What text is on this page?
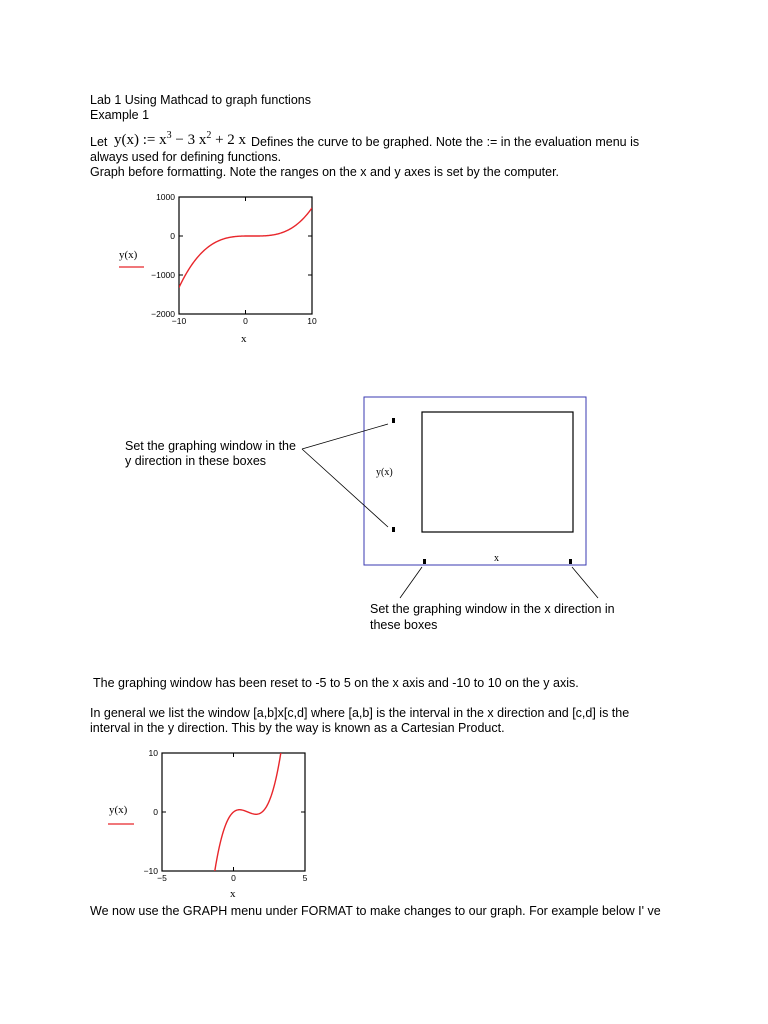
Lab 1 Using Mathcad to graph functions
Example 1
Let y(x) := $x^3 - 3$ $x^2 + 2$ x Defines the curve to be graphed. Note the := in the evaluation menu is
always used for defining functions.
Graph before formatting. Note the ranges on the x and y axes is set by the computer.
1000
0
−1000
−2000
−10	0	10
y(x)
x
y(x)
x
Set the graphing window in the
y direction in these boxes
Set the graphing window in the x direction in
these boxes
The graphing window has been reset to -5 to 5 on the x axis and -10 to 10 on the y axis.
In general we list the window [a,b]x[c,d] where [a,b] is the interval in the x direction and [c,d] is the
interval in the y direction. This by the way is known as a Cartesian Product.
10
0
−10
−5	0	5
y(x)
x
We now use the GRAPH menu under FORMAT to make changes to our graph. For example below I' ve
